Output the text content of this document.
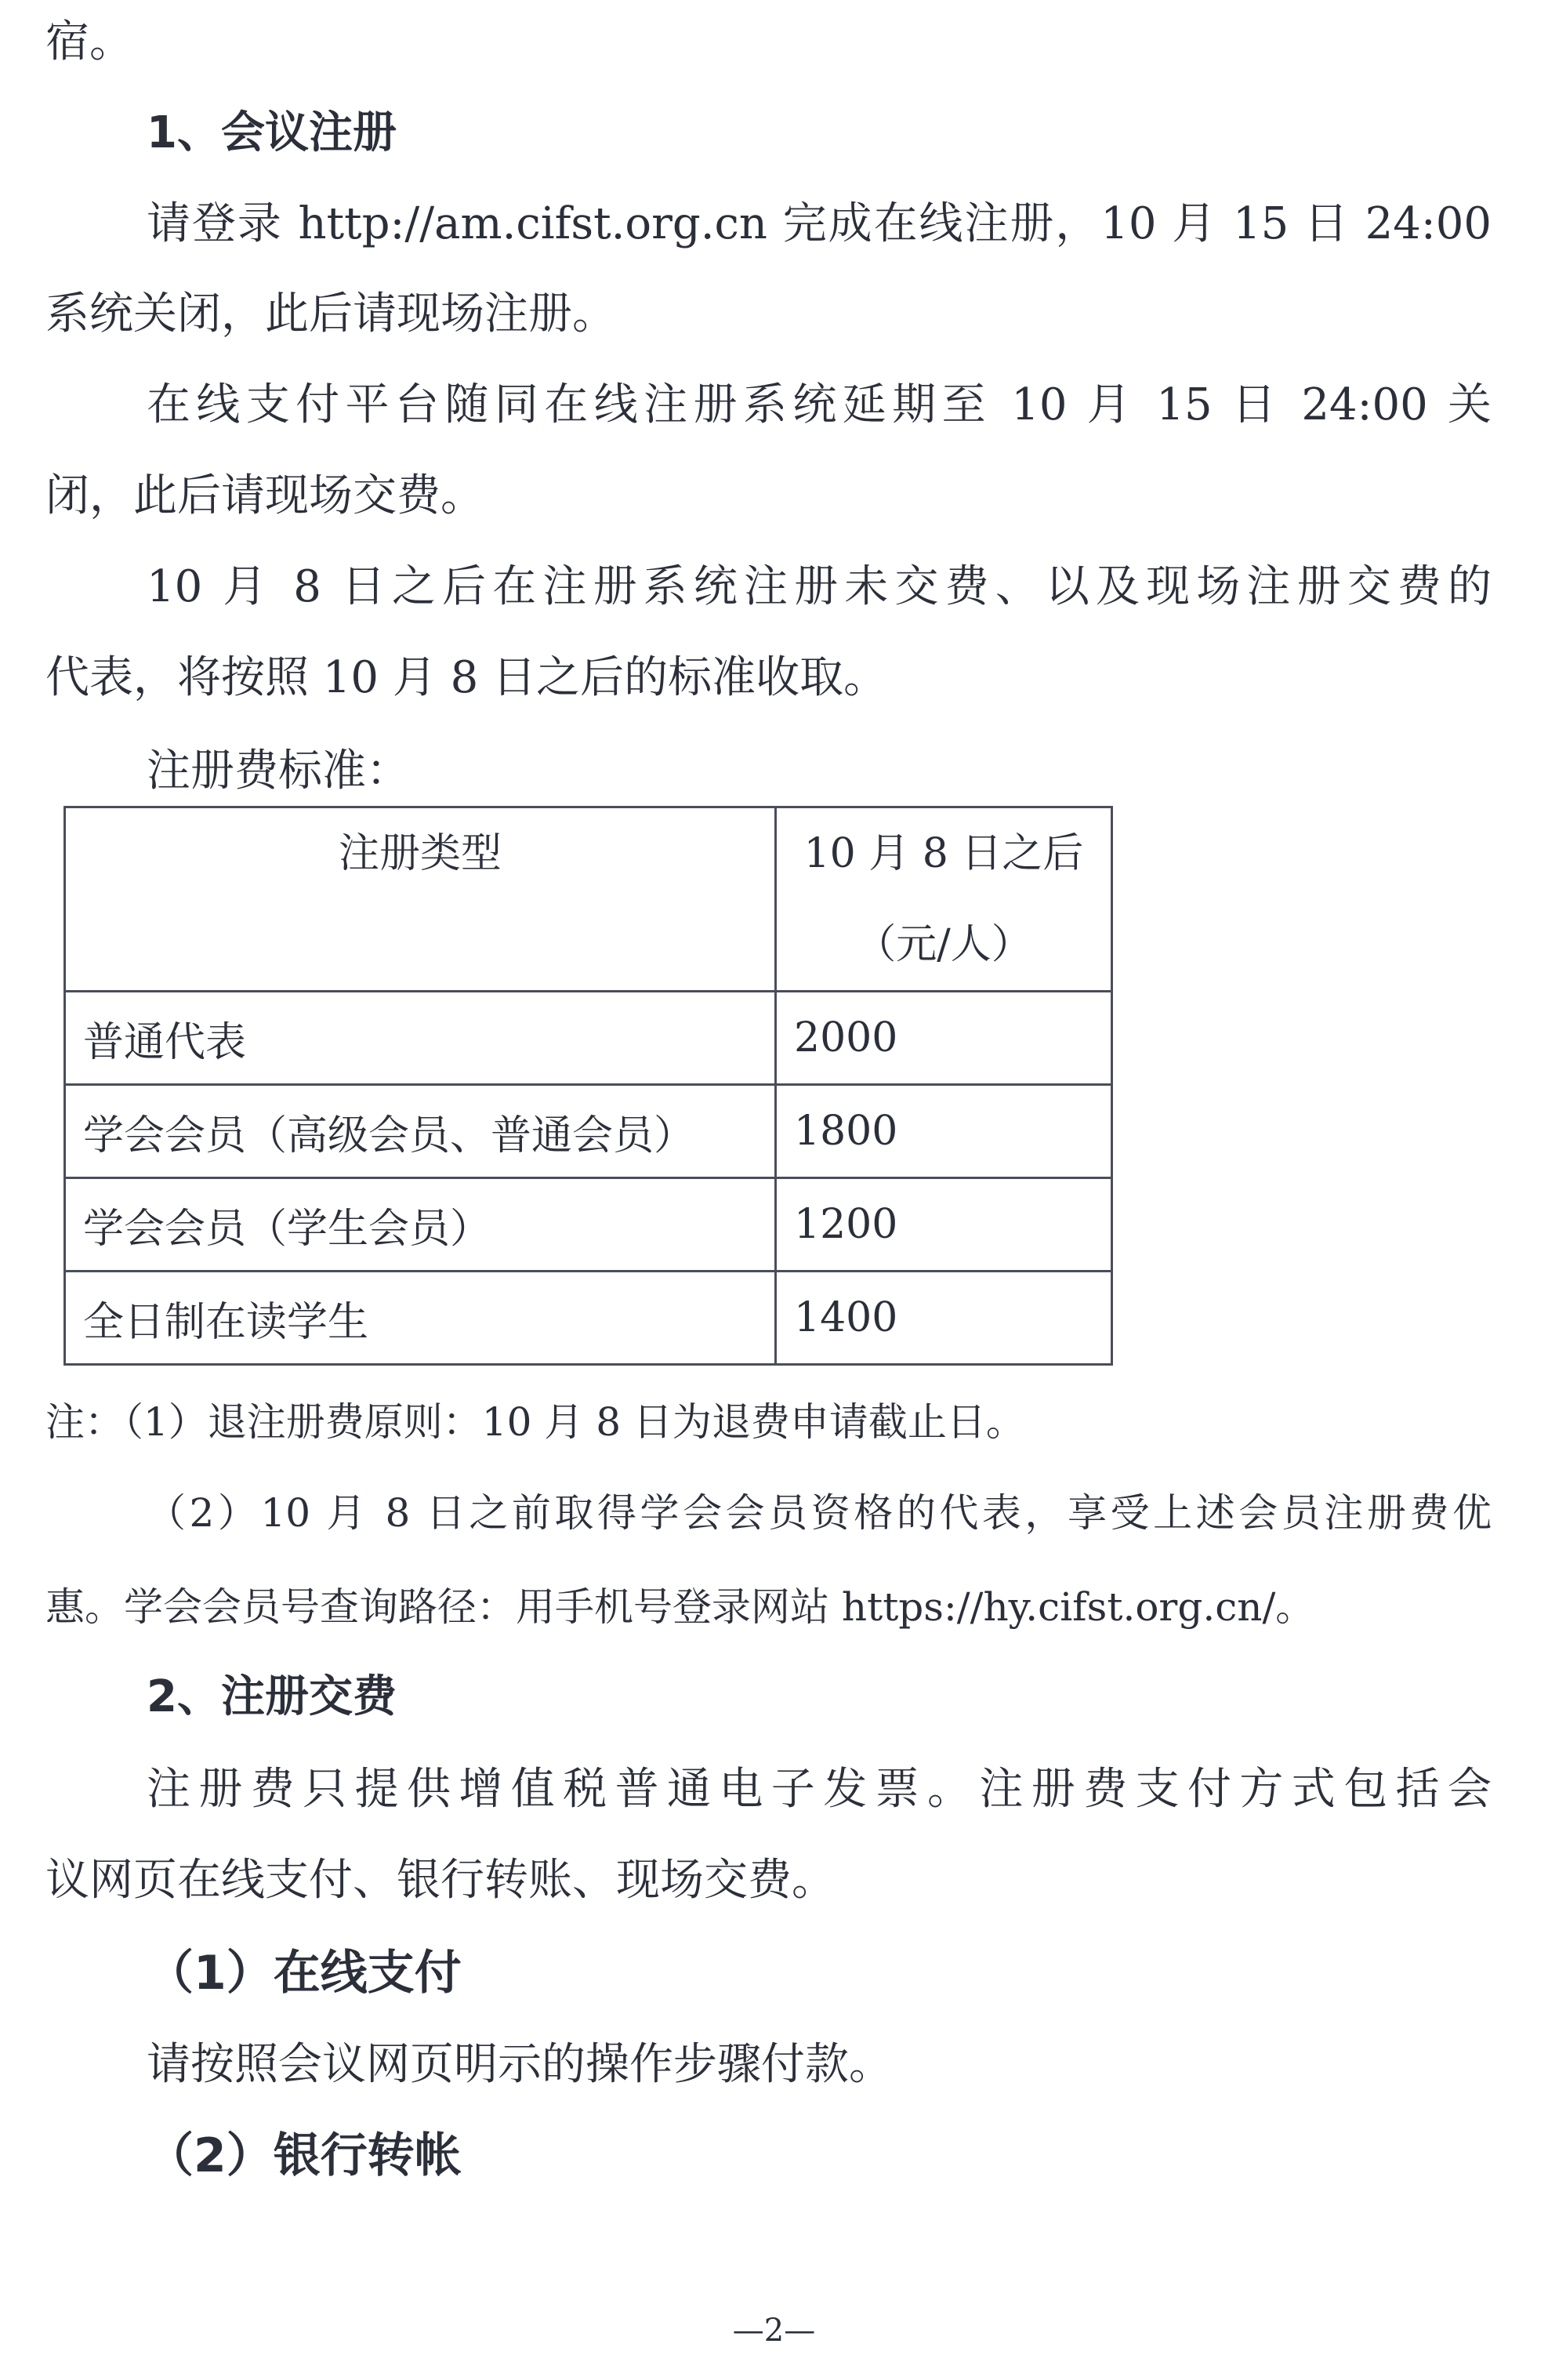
宿。
1、会议注册
请登录 http://am.cifst.org.cn 完成在线注册，10 月 15 日 24:00
系统关闭，此后请现场注册。
在线支付平台随同在线注册系统延期至 10 月 15 日 24:00 关
闭，此后请现场交费。
10 月 8 日之后在注册系统注册未交费、以及现场注册交费的
代表，将按照 10 月 8 日之后的标准收取。
注册费标准：
注册类型	10 月 8 日之后
（元/人）

普通代表	2000
学会会员（高级会员、普通会员）	1800
学会会员（学生会员）	1200
全日制在读学生	1400
注：（1）退注册费原则：10 月 8 日为退费申请截止日。
（2）10 月 8 日之前取得学会会员资格的代表，享受上述会员注册费优
惠。学会会员号查询路径：用手机号登录网站 https://hy.cifst.org.cn/。
2、注册交费
注册费只提供增值税普通电子发票。注册费支付方式包括会
议网页在线支付、银行转账、现场交费。
（1）在线支付
请按照会议网页明示的操作步骤付款。
（2）银行转帐
—2—
